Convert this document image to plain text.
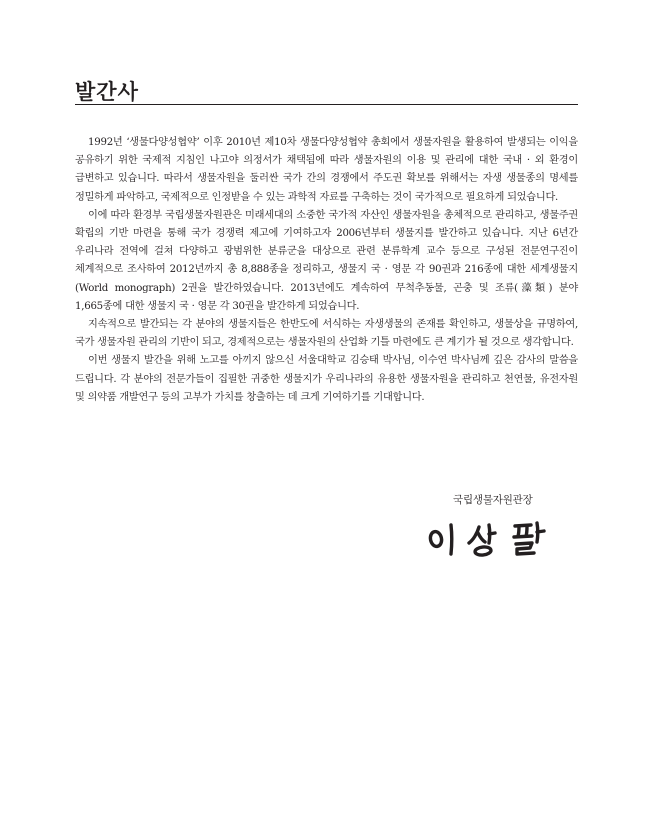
발간사

1992년 ‘생물다양성협약’ 이후 2010년 제10차 생물다양성협약 총회에서 생물자원을 활용하여 발생되는 이익을 공유하기 위한 국제적 지침인 나고야 의정서가 채택됨에 따라 생물자원의 이용 및 관리에 대한 국내 · 외 환경이 급변하고 있습니다. 따라서 생물자원을 둘러싼 국가 간의 경쟁에서 주도권 확보를 위해서는 자생 생물종의 명세를 정밀하게 파악하고, 국제적으로 인정받을 수 있는 과학적 자료를 구축하는 것이 국가적으로 필요하게 되었습니다.

이에 따라 환경부 국립생물자원관은 미래세대의 소중한 국가적 자산인 생물자원을 총체적으로 관리하고, 생물주권 확립의 기반 마련을 통해 국가 경쟁력 제고에 기여하고자 2006년부터 생물지를 발간하고 있습니다. 지난 6년간 우리나라 전역에 걸쳐 다양하고 광범위한 분류군을 대상으로 관련 분류학계 교수 등으로 구성된 전문연구진이 체계적으로 조사하여 2012년까지 총 8,888종을 정리하고, 생물지 국 · 영문 각 90권과 216종에 대한 세계생물지(World monograph) 2권을 발간하였습니다. 2013년에도 계속하여 무척추동물, 곤충 및 조류(藻類) 분야 1,665종에 대한 생물지 국 · 영문 각 30권을 발간하게 되었습니다.

지속적으로 발간되는 각 분야의 생물지들은 한반도에 서식하는 자생생물의 존재를 확인하고, 생물상을 규명하여, 국가 생물자원 관리의 기반이 되고, 경제적으로는 생물자원의 산업화 기틀 마련에도 큰 계기가 될 것으로 생각합니다.

이번 생물지 발간을 위해 노고를 아끼지 않으신 서울대학교 김승태 박사님, 이수연 박사님께 깊은 감사의 말씀을 드립니다. 각 분야의 전문가들이 집필한 귀중한 생물지가 우리나라의 유용한 생물자원을 관리하고 천연물, 유전자원 및 의약품 개발연구 등의 고부가 가치를 창출하는 데 크게 기여하기를 기대합니다.

국립생물자원관장
